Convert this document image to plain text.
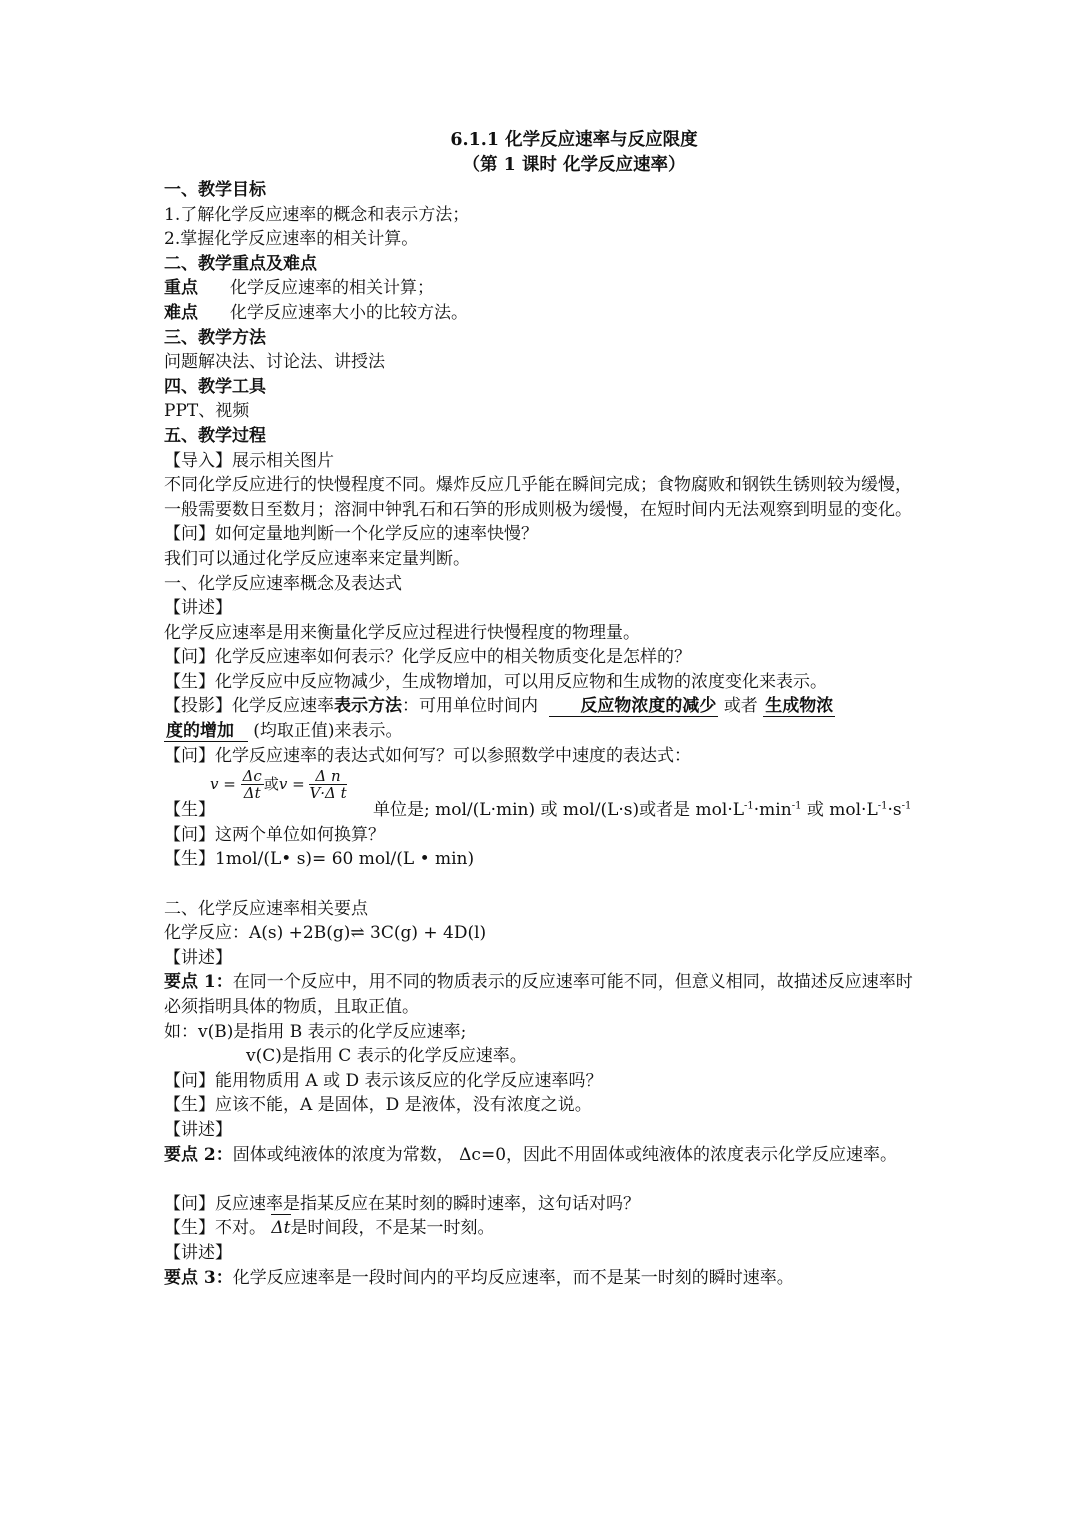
6.1.1 化学反应速率与反应限度
（第 1 课时 化学反应速率）
一、教学目标
1.了解化学反应速率的概念和表示方法；
2.掌握化学反应速率的相关计算。
二、教学重点及难点
重点 化学反应速率的相关计算；
难点 化学反应速率大小的比较方法。
三、教学方法
问题解决法、讨论法、讲授法
四、教学工具
PPT、视频
五、教学过程
【导入】展示相关图片
不同化学反应进行的快慢程度不同。爆炸反应几乎能在瞬间完成；食物腐败和钢铁生锈则较为缓慢，一般需要数日至数月；溶洞中钟乳石和石笋的形成则极为缓慢，在短时间内无法观察到明显的变化。
【问】如何定量地判断一个化学反应的速率快慢？
我们可以通过化学反应速率来定量判断。
一、化学反应速率概念及表达式
【讲述】
化学反应速率是用来衡量化学反应过程进行快慢程度的物理量。
【问】化学反应速率如何表示？化学反应中的相关物质变化是怎样的？
【生】化学反应中反应物减少，生成物增加，可以用反应物和生成物的浓度变化来表示。
【投影】化学反应速率表示方法：可用单位时间内 反应物浓度的减少 或者 生成物浓
度的增加 (均取正值)来表示。
【问】化学反应速率的表达式如何写？可以参照数学中速度的表达式：
$v = \frac{\Delta c}{\Delta t}$ 或$v = \frac{\text{Δ n}}{\text{V·Δ t}}$
【生】	单位是; mol/(L·min) 或 mol/(L·s)或者是 $mol\cdot L^{-1}\cdot\min^{-1}$ 或 $mol\cdot L^{-1}\cdot s^{-1}$
【问】这两个单位如何换算？
【生】1mol/(L• s)= 60 mol/(L • min)
二、化学反应速率相关要点
化学反应：A(s) +2B(g)⇌ 3C(g) + 4D(l)
【讲述】
要点 1：在同一个反应中，用不同的物质表示的反应速率可能不同，但意义相同，故描述反应速率时必须指明具体的物质，且取正值。
如：v(B)是指用 B 表示的化学反应速率;
v(C)是指用 C 表示的化学反应速率。
【问】能用物质用 A 或 D 表示该反应的化学反应速率吗？
【生】应该不能，A 是固体，D 是液体，没有浓度之说。
【讲述】
要点 2：固体或纯液体的浓度为常数， Δc=0，因此不用固体或纯液体的浓度表示化学反应速率。
【问】反应速率是指某反应在某时刻的瞬时速率，这句话对吗？
【生】不对。 Δt是时间段，不是某一时刻。
【讲述】
要点 3：化学反应速率是一段时间内的平均反应速率，而不是某一时刻的瞬时速率。
